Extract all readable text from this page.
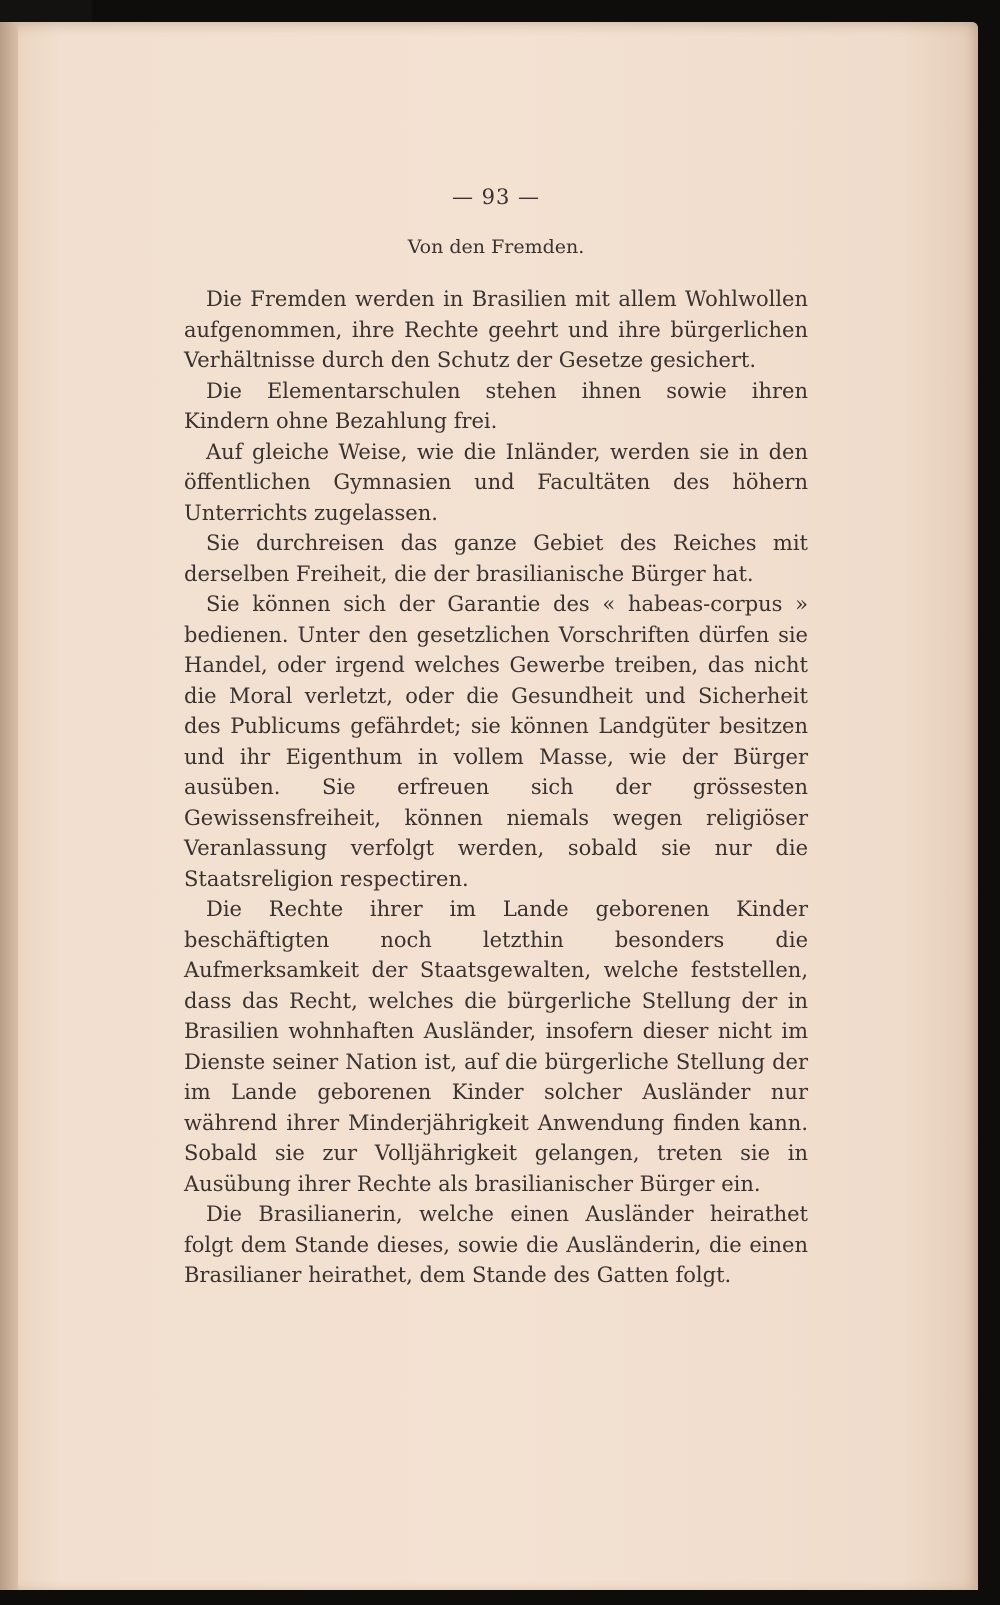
— 93 —
Von den Fremden.

Die Fremden werden in Brasilien mit allem Wohlwollen aufgenommen, ihre Rechte geehrt und ihre bürgerlichen Verhältnisse durch den Schutz der Gesetze gesichert.

Die Elementarschulen stehen ihnen sowie ihren Kindern ohne Bezahlung frei.

Auf gleiche Weise, wie die Inländer, werden sie in den öffentlichen Gymnasien und Facultäten des höhern Unterrichts zugelassen.

Sie durchreisen das ganze Gebiet des Reiches mit derselben Freiheit, die der brasilianische Bürger hat.

Sie können sich der Garantie des « habeas-corpus » bedienen. Unter den gesetzlichen Vorschriften dürfen sie Handel, oder irgend welches Gewerbe treiben, das nicht die Moral verletzt, oder die Gesundheit und Sicherheit des Publicums gefährdet; sie können Landgüter besitzen und ihr Eigenthum in vollem Masse, wie der Bürger ausüben. Sie erfreuen sich der grössesten Gewissensfreiheit, können niemals wegen religiöser Veranlassung verfolgt werden, sobald sie nur die Staatsreligion respectiren.

Die Rechte ihrer im Lande geborenen Kinder beschäftigten noch letzthin besonders die Aufmerksamkeit der Staatsgewalten, welche feststellen, dass das Recht, welches die bürgerliche Stellung der in Brasilien wohnhaften Ausländer, insofern dieser nicht im Dienste seiner Nation ist, auf die bürgerliche Stellung der im Lande geborenen Kinder solcher Ausländer nur während ihrer Minderjährigkeit Anwendung finden kann. Sobald sie zur Volljährigkeit gelangen, treten sie in Ausübung ihrer Rechte als brasilianischer Bürger ein.

Die Brasilianerin, welche einen Ausländer heirathet folgt dem Stande dieses, sowie die Ausländerin, die einen Brasilianer heirathet, dem Stande des Gatten folgt.
